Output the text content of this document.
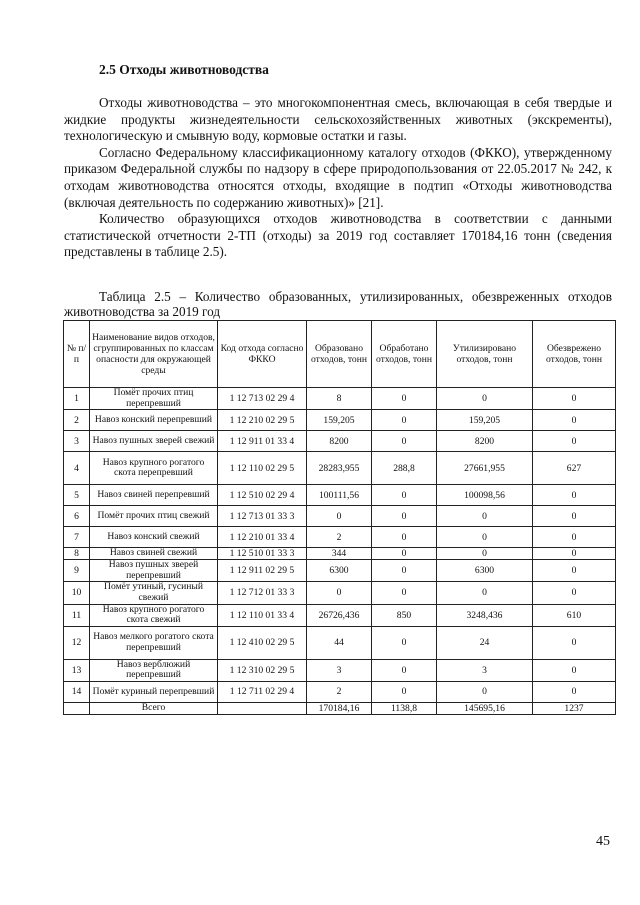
2.5 Отходы животноводства

Отходы животноводства – это многокомпонентная смесь, включающая в себя твердые и жидкие продукты жизнедеятельности сельскохозяйственных животных (экскременты), технологическую и смывную воду, кормовые остатки и газы.

Согласно Федеральному классификационному каталогу отходов (ФККО), утвержденному приказом Федеральной службы по надзору в сфере природопользования от 22.05.2017 № 242, к отходам животноводства относятся отходы, входящие в подтип «Отходы животноводства (включая деятельность по содержанию животных)» [21].

Количество образующихся отходов животноводства в соответствии с данными статистической отчетности 2-ТП (отходы) за 2019 год составляет 170184,16 тонн (сведения представлены в таблице 2.5).

Таблица 2.5 – Количество образованных, утилизированных, обезвреженных отходов животноводства за 2019 год
№ п/п	Наименование видов отходов, сгруппированных по классам опасности для окружающей среды	Код отхода согласно ФККО	Образовано отходов, тонн	Обработано отходов, тонн	Утилизировано отходов, тонн	Обезврежено отходов, тонн
1	Помёт прочих птиц перепревший	1 12 713 02 29 4	8	0	0	0
2	Навоз конский перепревший	1 12 210 02 29 5	159,205	0	159,205	0
3	Навоз пушных зверей свежий	1 12 911 01 33 4	8200	0	8200	0
4	Навоз крупного рогатого скота перепревший	1 12 110 02 29 5	28283,955	288,8	27661,955	627
5	Навоз свиней перепревший	1 12 510 02 29 4	100111,56	0	100098,56	0
6	Помёт прочих птиц свежий	1 12 713 01 33 3	0	0	0	0
7	Навоз конский свежий	1 12 210 01 33 4	2	0	0	0
8	Навоз свиней свежий	1 12 510 01 33 3	344	0	0	0
9	Навоз пушных зверей перепревший	1 12 911 02 29 5	6300	0	6300	0
10	Помёт утиный, гусиный свежий	1 12 712 01 33 3	0	0	0	0
11	Навоз крупного рогатого скота свежий	1 12 110 01 33 4	26726,436	850	3248,436	610
12	Навоз мелкого рогатого скота перепревший	1 12 410 02 29 5	44	0	24	0
13	Навоз верблюжий перепревший	1 12 310 02 29 5	3	0	3	0
14	Помёт куриный перепревший	1 12 711 02 29 4	2	0	0	0
	Всего		170184,16	1138,8	145695,16	1237
45
